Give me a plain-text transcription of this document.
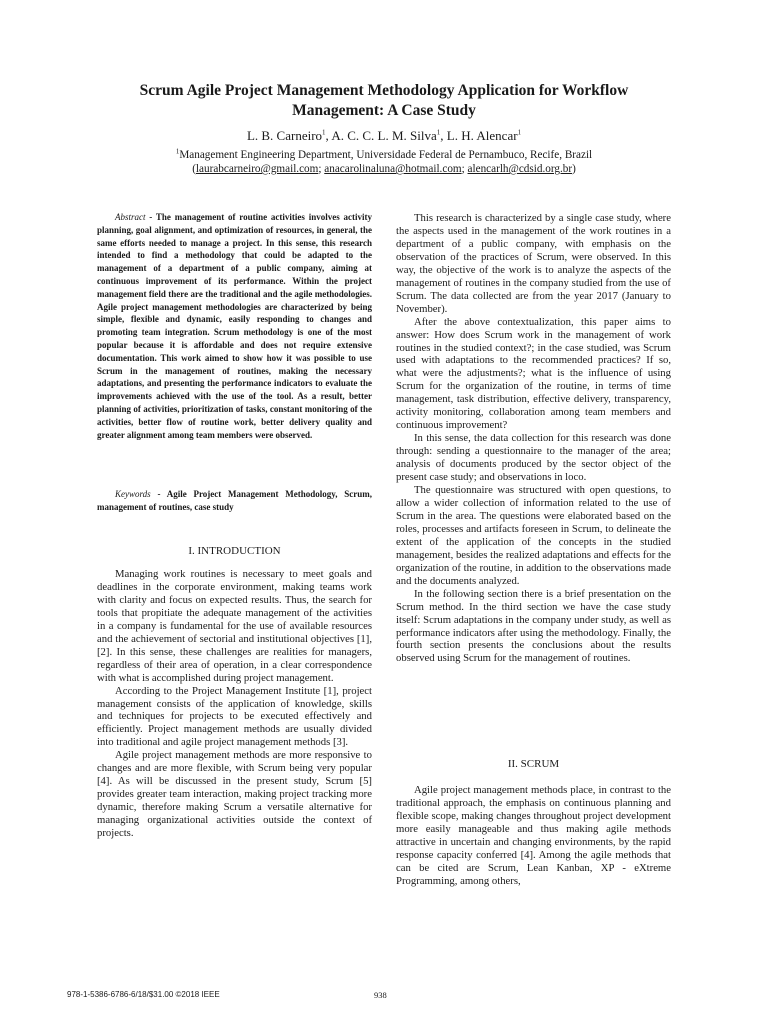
Scrum Agile Project Management Methodology Application for Workflow Management: A Case Study
L. B. Carneiro$^1$, A. C. C. L. M. Silva$^1$, L. H. Alencar$^1$
$^1$Management Engineering Department, Universidade Federal de Pernambuco, Recife, Brazil
(laurabcarneiro@gmail.com; anacarolinaluna@hotmail.com; alencarlh@cdsid.org.br)

Abstract - The management of routine activities involves activity planning, goal alignment, and optimization of resources, in general, the same efforts needed to manage a project. In this sense, this research intended to find a methodology that could be adapted to the management of a department of a public company, aiming at continuous improvement of its performance. Within the project management field there are the traditional and the agile methodologies. Agile project management methodologies are characterized by being simple, flexible and dynamic, easily responding to changes and promoting team integration. Scrum methodology is one of the most popular because it is affordable and does not require extensive documentation. This work aimed to show how it was possible to use Scrum in the management of routines, making the necessary adaptations, and presenting the performance indicators to evaluate the improvements achieved with the use of the tool. As a result, better planning of activities, prioritization of tasks, constant monitoring of the activities, better flow of routine work, better delivery quality and greater alignment among team members were observed.

Keywords - Agile Project Management Methodology, Scrum, management of routines, case study

I. INTRODUCTION

Managing work routines is necessary to meet goals and deadlines in the corporate environment, making teams work with clarity and focus on expected results. Thus, the search for tools that propitiate the adequate management of the activities in a company is fundamental for the use of available resources and the achievement of sectorial and institutional objectives [1], [2]. In this sense, these challenges are realities for managers, regardless of their area of operation, in a clear correspondence with what is accomplished during project management.

According to the Project Management Institute [1], project management consists of the application of knowledge, skills and techniques for projects to be executed effectively and efficiently. Project management methods are usually divided into traditional and agile project management methods [3].

Agile project management methods are more responsive to changes and are more flexible, with Scrum being very popular [4]. As will be discussed in the present study, Scrum [5] provides greater team interaction, making project tracking more dynamic, therefore making Scrum a versatile alternative for managing organizational activities outside the context of projects.

This research is characterized by a single case study, where the aspects used in the management of the work routines in a department of a public company, with emphasis on the observation of the practices of Scrum, were observed. In this way, the objective of the work is to analyze the aspects of the management of routines in the company studied from the use of Scrum. The data collected are from the year 2017 (January to November).

After the above contextualization, this paper aims to answer: How does Scrum work in the management of work routines in the studied context?; in the case studied, was Scrum used with adaptations to the recommended practices? If so, what were the adjustments?; what is the influence of using Scrum for the organization of the routine, in terms of time management, task distribution, effective delivery, transparency, activity monitoring, collaboration among team members and continuous improvement?

In this sense, the data collection for this research was done through: sending a questionnaire to the manager of the area; analysis of documents produced by the sector object of the present case study; and observations in loco.

The questionnaire was structured with open questions, to allow a wider collection of information related to the use of Scrum in the area. The questions were elaborated based on the roles, processes and artifacts foreseen in Scrum, to delineate the extent of the application of the concepts in the studied management, besides the realized adaptations and effects for the organization of the routine, in addition to the observations made and the documents analyzed.

In the following section there is a brief presentation on the Scrum method. In the third section we have the case study itself: Scrum adaptations in the company under study, as well as performance indicators after using the methodology. Finally, the fourth section presents the conclusions about the results observed using Scrum for the management of routines.

II. SCRUM

Agile project management methods place, in contrast to the traditional approach, the emphasis on continuous planning and flexible scope, making changes throughout project development more easily manageable and thus making agile methods attractive in uncertain and changing environments, by the rapid response capacity conferred [4]. Among the agile methods that can be cited are Scrum, Lean Kanban, XP - eXtreme Programming, among others,

978-1-5386-6786-6/18/$31.00 ©2018 IEEE	938
